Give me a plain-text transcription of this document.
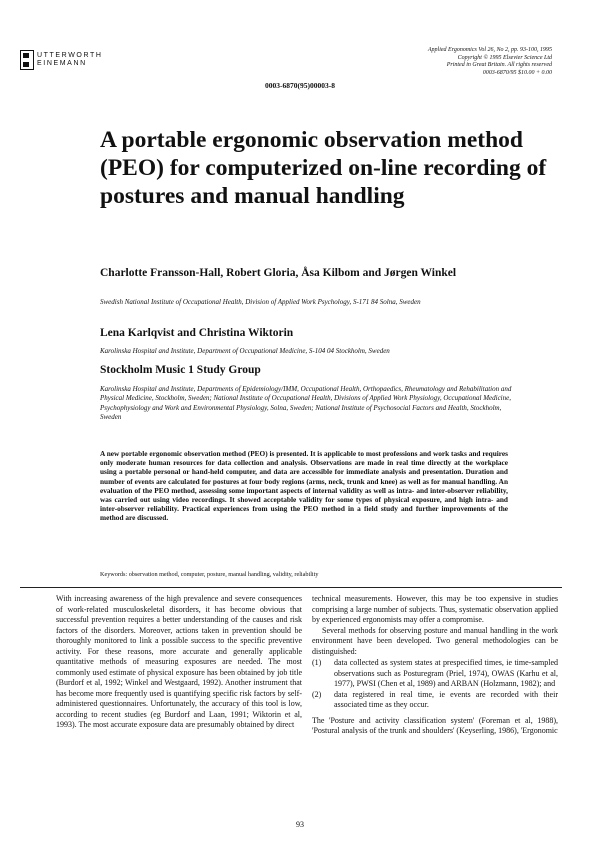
UTTERWORTH
EINEMANN
Applied Ergonomics Vol 26, No 2, pp. 93-100, 1995
Copyright © 1995 Elsevier Science Ltd
Printed in Great Britain. All rights reserved
0003-6870/95 $10.00 + 0.00
0003-6870(95)00003-8
A portable ergonomic observation method (PEO) for computerized on-line recording of postures and manual handling

Charlotte Fransson-Hall, Robert Gloria, Åsa Kilbom and Jørgen Winkel

Swedish National Institute of Occupational Health, Division of Applied Work Psychology, S-171 84 Solna, Sweden

Lena Karlqvist and Christina Wiktorin

Karolinska Hospital and Institute, Department of Occupational Medicine, S-104 04 Stockholm, Sweden

Stockholm Music 1 Study Group

Karolinska Hospital and Institute, Departments of Epidemiology/IMM, Occupational Health, Orthopaedics, Rheumatology and Rehabilitation and Physical Medicine, Stockholm, Sweden; National Institute of Occupational Health, Divisions of Applied Work Physiology, Occupational Medicine, Psychophysiology and Work and Environmental Physiology, Solna, Sweden; National Institute of Psychosocial Factors and Health, Stockholm, Sweden

A new portable ergonomic observation method (PEO) is presented. It is applicable to most professions and work tasks and requires only moderate human resources for data collection and analysis. Observations are made in real time directly at the workplace using a portable personal or hand-held computer, and data are accessible for immediate analysis and presentation. Duration and number of events are calculated for postures at four body regions (arms, neck, trunk and knee) as well as for manual handling. An evaluation of the PEO method, assessing some important aspects of internal validity as well as intra- and inter-observer reliability, was carried out using video recordings. It showed acceptable validity for some types of physical exposure, and high intra- and inter-observer reliability. Practical experiences from using the PEO method in a field study and further improvements of the method are discussed.

Keywords: observation method, computer, posture, manual handling, validity, reliability

With increasing awareness of the high prevalence and severe consequences of work-related musculoskeletal disorders, it has become obvious that successful prevention requires a better understanding of the causes and risk factors of the disorders. Moreover, actions taken in prevention should be thoroughly monitored to link a possible success to the specific preventive activity. For these reasons, more accurate and generally applicable quantitative methods of measuring exposures are needed. The most commonly used estimate of physical exposure has been obtained by job title (Burdorf et al, 1992; Winkel and Westgaard, 1992). Another instrument that has become more frequently used is quantifying specific risk factors by self-administered questionnaires. Unfortunately, the accuracy of this tool is low, according to recent studies (eg Burdorf and Laan, 1991; Wiktorin et al, 1993). The most accurate exposure data are presumably obtained by direct

technical measurements. However, this may be too expensive in studies comprising a large number of subjects. Thus, systematic observation applied by experienced ergonomists may offer a compromise.

Several methods for observing posture and manual handling in the work environment have been developed. Two general methodologies can be distinguished:

(1) data collected as system states at prespecified times, ie time-sampled observations such as Posturegram (Priel, 1974), OWAS (Karhu et al, 1977), PWSI (Chen et al, 1989) and ARBAN (Holzmann, 1982); and
(2) data registered in real time, ie events are recorded with their associated time as they occur.

The 'Posture and activity classification system' (Foreman et al, 1988), 'Postural analysis of the trunk and shoulders' (Keyserling, 1986), 'Ergonomic

93
